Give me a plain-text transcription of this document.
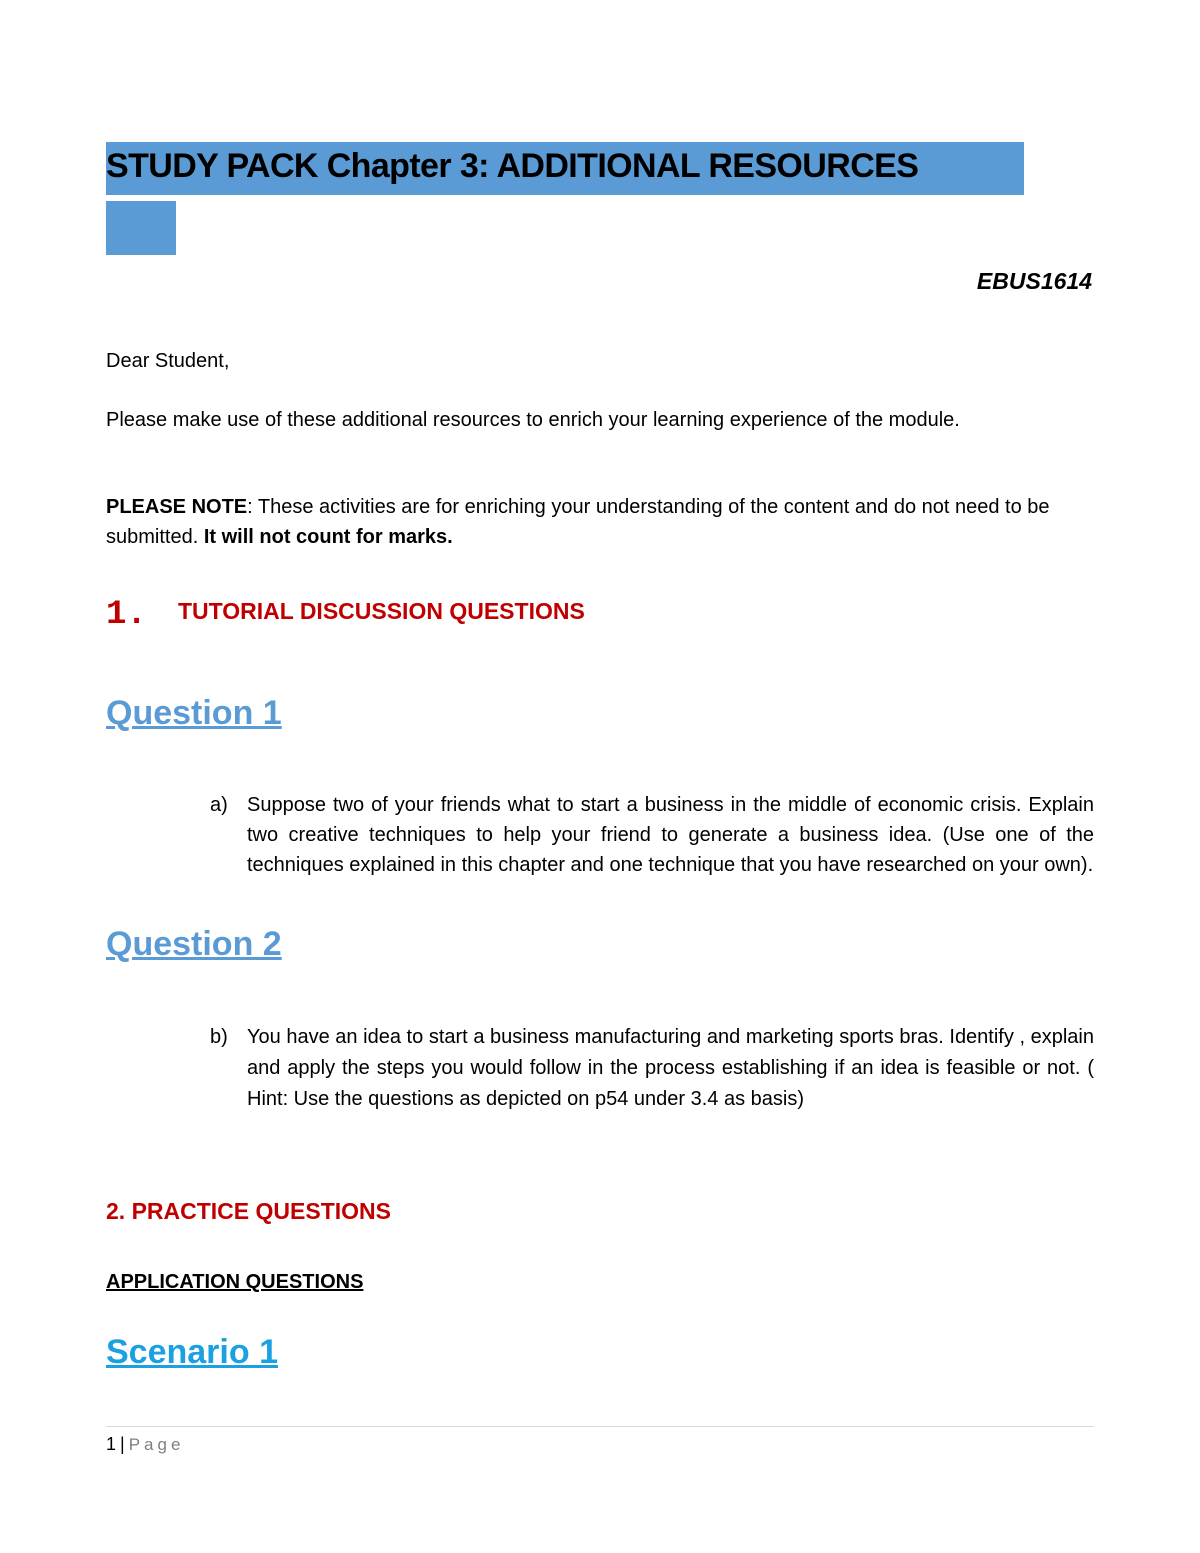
STUDY PACK Chapter 3: ADDITIONAL RESOURCES
EBUS1614
Dear Student,
Please make use of these additional resources to enrich your learning experience of the module.
PLEASE NOTE: These activities are for enriching your understanding of the content and do not need to be submitted. It will not count for marks.
1. TUTORIAL DISCUSSION QUESTIONS
Question 1
a) Suppose two of your friends what to start a business in the middle of economic crisis. Explain two creative techniques to help your friend to generate a business idea. (Use one of the techniques explained in this chapter and one technique that you have researched on your own).
Question 2
b) You have an idea to start a business manufacturing and marketing sports bras. Identify , explain and apply the steps you would follow in the process establishing if an idea is feasible or not. ( Hint: Use the questions as depicted on p54 under 3.4 as basis)
2. PRACTICE QUESTIONS
APPLICATION QUESTIONS
Scenario 1
1 | Page
